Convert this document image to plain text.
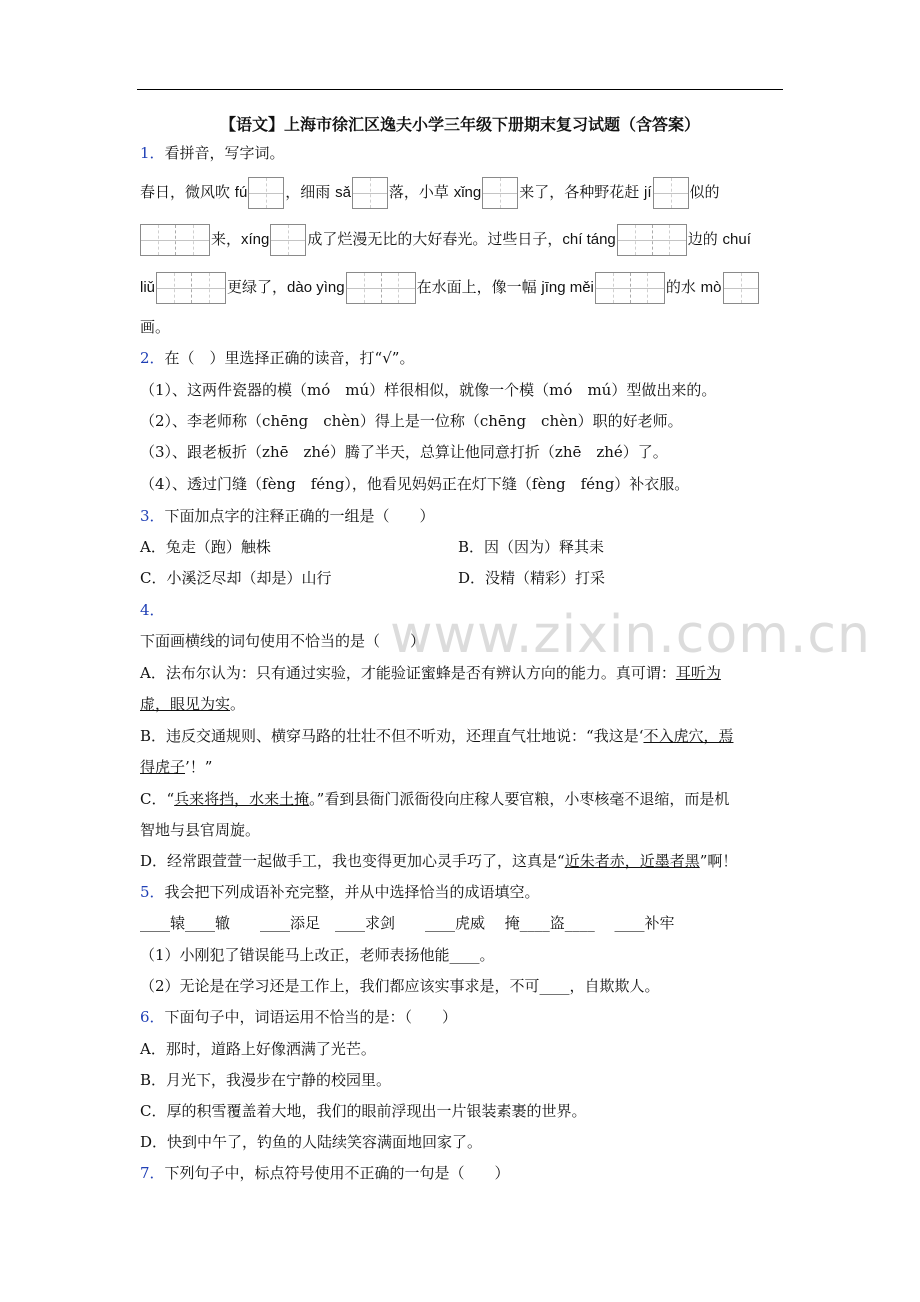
【语文】上海市徐汇区逸夫小学三年级下册期末复习试题（含答案）
www.zixin.com.cn
1．看拼音，写字词。
春日，微风吹 fú	，细雨 sǎ	落，小草 xǐng	来了，各种野花赶 jí	似的
来，xíng	成了烂漫无比的大好春光。过些日子，chí táng	边的 chuí
liǔ	更绿了，dào yìng	在水面上，像一幅 jīng měi	的水 mò
画。
2．在（　）里选择正确的读音，打“√”。
（1）、这两件瓷器的模（mó　mú）样很相似，就像一个模（mó　mú）型做出来的。
（2）、李老师称（chēng　chèn）得上是一位称（chēng　chèn）职的好老师。
（3）、跟老板折（zhē　zhé）腾了半天，总算让他同意打折（zhē　zhé）了。
（4）、透过门缝（fèng　féng），他看见妈妈正在灯下缝（fèng　féng）补衣服。
3．下面加点字的注释正确的一组是（　　）
A．兔走（跑）触株	B．因（因为）释其耒
C．小溪泛尽却（却是）山行	D．没精（精彩）打采
4．
下面画横线的词句使用不恰当的是（　　）
A．法布尔认为：只有通过实验，才能验证蜜蜂是否有辨认方向的能力。真可谓：耳听为
虚，眼见为实。
B．违反交通规则、横穿马路的壮壮不但不听劝，还理直气壮地说：“我这是‘不入虎穴，焉
得虎子’！”
C．“兵来将挡，水来土掩。”看到县衙门派衙役向庄稼人要官粮，小枣核毫不退缩，而是机
智地与县官周旋。
D．经常跟萱萱一起做手工，我也变得更加心灵手巧了，这真是“近朱者赤，近墨者黑”啊！
5．我会把下列成语补充完整，并从中选择恰当的成语填空。
____辕____辙　　____添足　____求剑　　____虎威　 掩____盗____　 ____补牢
（1）小刚犯了错误能马上改正，老师表扬他能____。
（2）无论是在学习还是工作上，我们都应该实事求是，不可____，自欺欺人。
6．下面句子中，词语运用不恰当的是：（　　）
A．那时，道路上好像洒满了光芒。
B．月光下，我漫步在宁静的校园里。
C．厚的积雪覆盖着大地，我们的眼前浮现出一片银装素裹的世界。
D．快到中午了，钓鱼的人陆续笑容满面地回家了。
7．下列句子中，标点符号使用不正确的一句是（　　）
